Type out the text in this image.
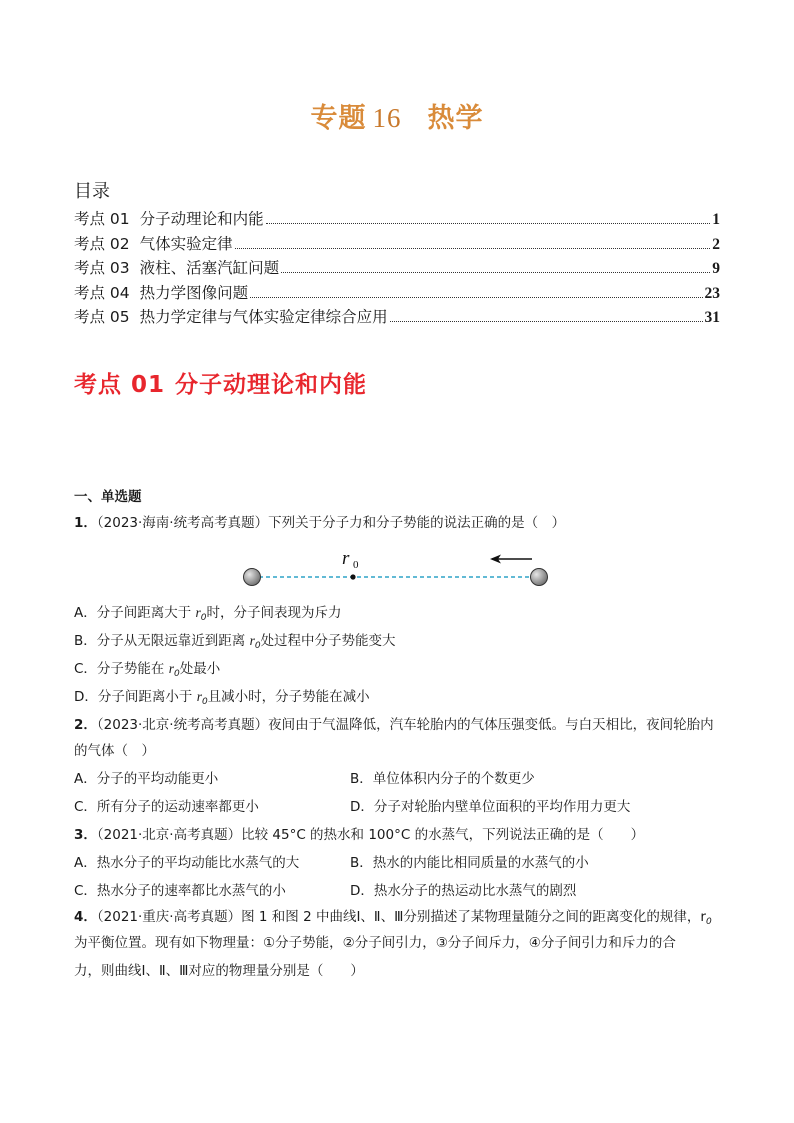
专题 16 热学
目录
考点 01 分子动理论和内能	1
考点 02 气体实验定律	2
考点 03 液柱、活塞汽缸问题	9
考点 04 热力学图像问题	23
考点 05 热力学定律与气体实验定律综合应用	31
考点 01 分子动理论和内能
一、单选题
1．（2023·海南·统考高考真题）下列关于分子力和分子势能的说法正确的是（　）
A．分子间距离大于 $r_0$时，分子间表现为斥力
B．分子从无限远靠近到距离 $r_0$处过程中分子势能变大
C．分子势能在 $r_0$处最小
D．分子间距离小于 $r_0$且减小时，分子势能在减小
2．（2023·北京·统考高考真题）夜间由于气温降低，汽车轮胎内的气体压强变低。与白天相比，夜间轮胎内
的气体（　）
A．分子的平均动能更小	B．单位体积内分子的个数更少
C．所有分子的运动速率都更小	D．分子对轮胎内壁单位面积的平均作用力更大
3．（2021·北京·高考真题）比较 45°C 的热水和 100°C 的水蒸气，下列说法正确的是（　　）
A．热水分子的平均动能比水蒸气的大	B．热水的内能比相同质量的水蒸气的小
C．热水分子的速率都比水蒸气的小	D．热水分子的热运动比水蒸气的剧烈
4．（2021·重庆·高考真题）图 1 和图 2 中曲线Ⅰ、Ⅱ、Ⅲ分别描述了某物理量随分之间的距离变化的规律，$r_0$
为平衡位置。现有如下物理量：①分子势能，②分子间引力，③分子间斥力，④分子间引力和斥力的合
力，则曲线Ⅰ、Ⅱ、Ⅲ对应的物理量分别是（　　）
r 0
